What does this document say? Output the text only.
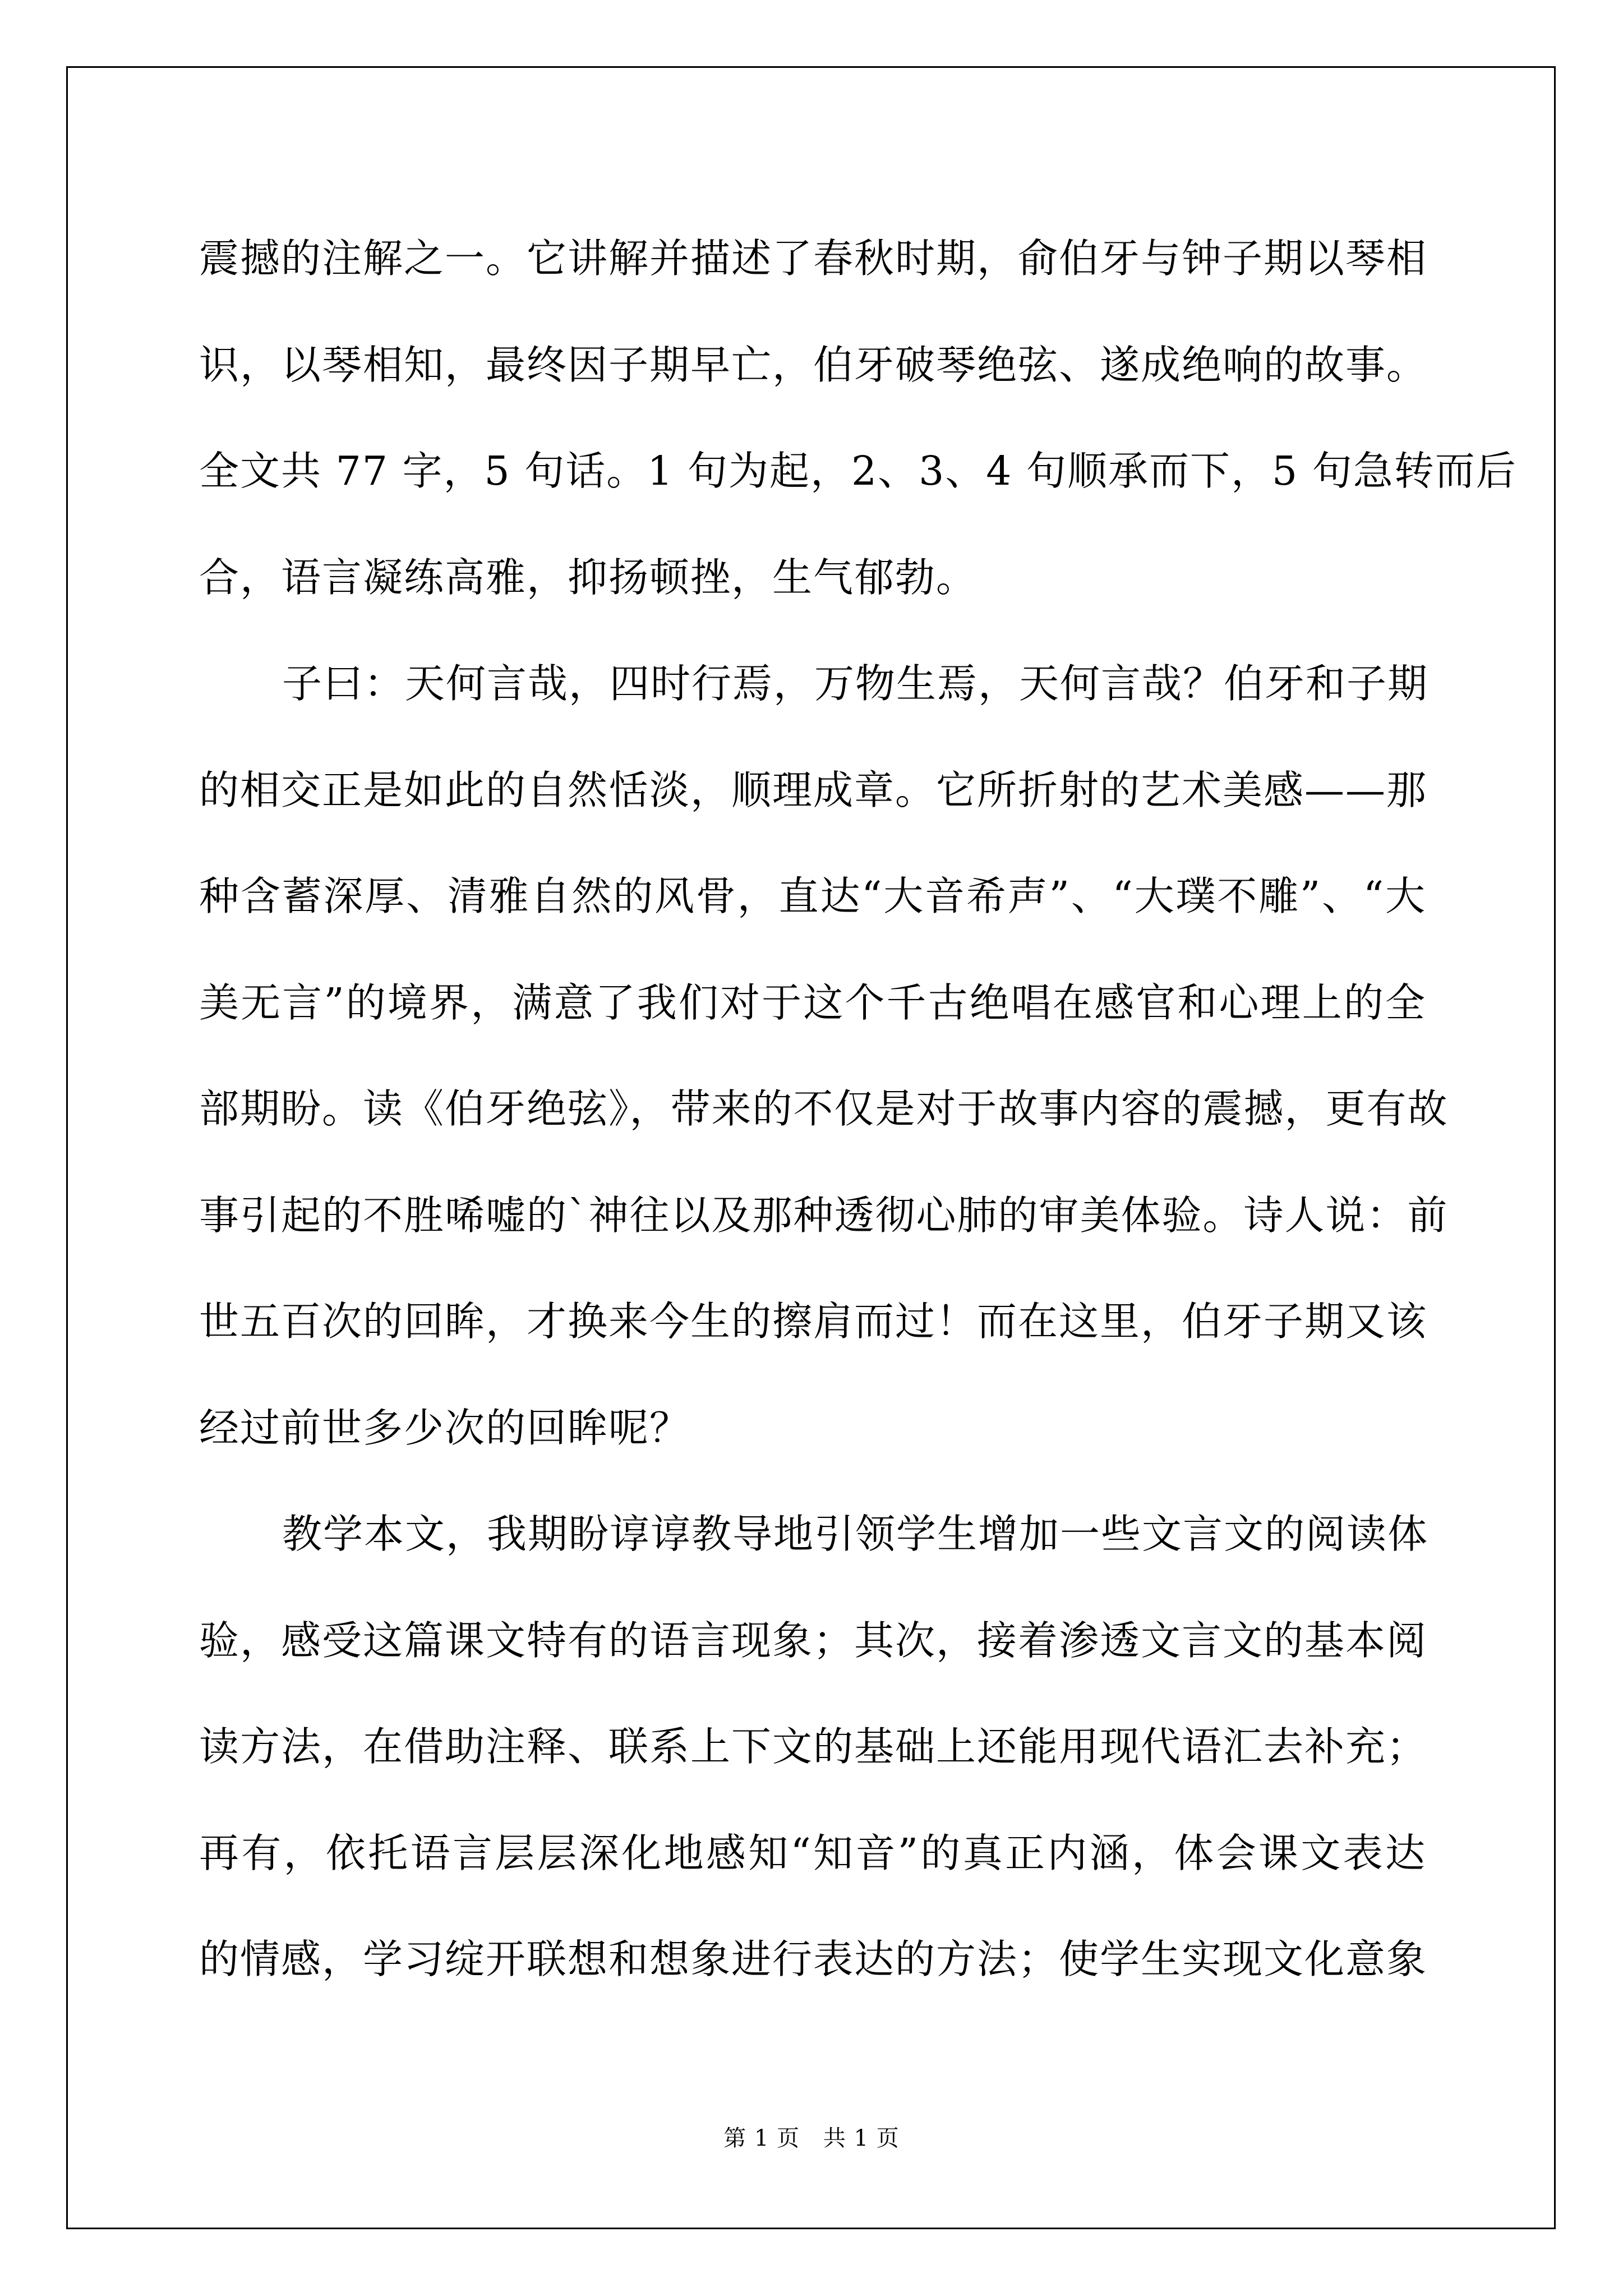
震撼的注解之一。它讲解并描述了春秋时期，俞伯牙与钟子期以琴相
识，以琴相知，最终因子期早亡，伯牙破琴绝弦、遂成绝响的故事。
全文共 77 字，5 句话。1 句为起，2、3、4 句顺承而下，5 句急转而后
合，语言凝练高雅，抑扬顿挫，生气郁勃。
子曰：天何言哉，四时行焉，万物生焉，天何言哉？伯牙和子期
的相交正是如此的自然恬淡，顺理成章。它所折射的艺术美感——那
种含蓄深厚、清雅自然的风骨，直达“大音希声”、“大璞不雕”、“大
美无言”的境界，满意了我们对于这个千古绝唱在感官和心理上的全
部期盼。读《伯牙绝弦》，带来的不仅是对于故事内容的震撼，更有故
事引起的不胜唏嘘的`神往以及那种透彻心肺的审美体验。诗人说：前
世五百次的回眸，才换来今生的擦肩而过！而在这里，伯牙子期又该
经过前世多少次的回眸呢？
教学本文，我期盼谆谆教导地引领学生增加一些文言文的阅读体
验，感受这篇课文特有的语言现象；其次，接着渗透文言文的基本阅
读方法，在借助注释、联系上下文的基础上还能用现代语汇去补充；
再有，依托语言层层深化地感知“知音”的真正内涵，体会课文表达
的情感，学习绽开联想和想象进行表达的方法；使学生实现文化意象
第 1 页 共 1 页
